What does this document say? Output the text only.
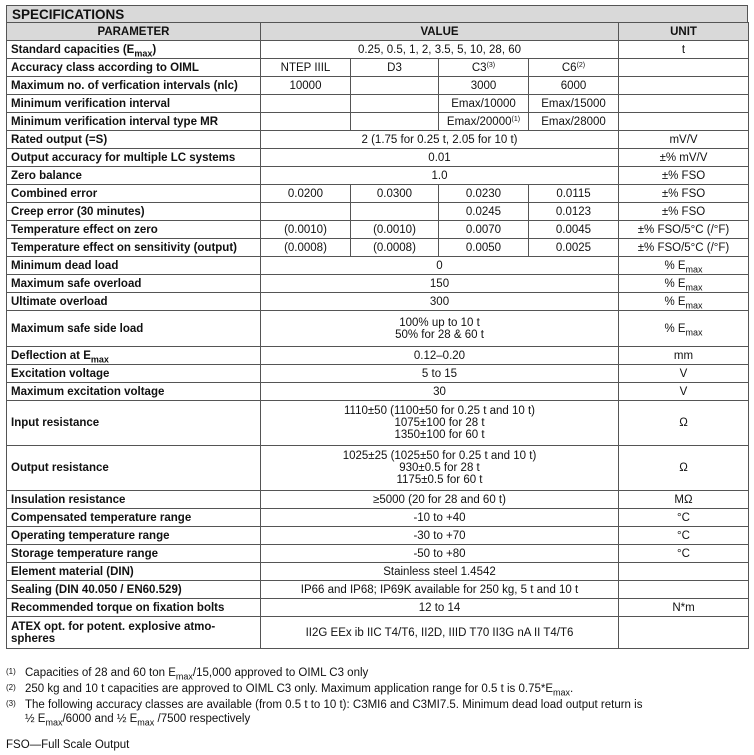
SPECIFICATIONS
PARAMETER	VALUE				UNIT
Standard capacities $(E_{max})$	0.25, 0.5, 1, 2, 3.5, 5, 10, 28, 60				t
Accuracy class according to OIML	NTEP IIIL	D3	C3$^{(3)}$	C6$^{(2)}$	
Maximum no. of verfication intervals (nlc)	10000		3000	6000	
Minimum verification interval			Emax/10000	Emax/15000	
Minimum verification interval type MR			Emax/20000$^{(1)}$	Emax/28000	
Rated output (=S)	2 (1.75 for 0.25 t, 2.05 for 10 t)				mV/V
Output accuracy for multiple LC systems	0.01				±% mV/V
Zero balance	1.0				±% FSO
Combined error	0.0200	0.0300	0.0230	0.0115	±% FSO
Creep error (30 minutes)			0.0245	0.0123	±% FSO
Temperature effect on zero	(0.0010)	(0.0010)	0.0070	0.0045	±% FSO/5°C (/°F)
Temperature effect on sensitivity (output)	(0.0008)	(0.0008)	0.0050	0.0025	±% FSO/5°C (/°F)
Minimum dead load	0				% $E_{max}$
Maximum safe overload	150				% $E_{max}$
Ultimate overload	300				% $E_{max}$
Maximum safe side load	100% up to 10 t
50% for 28 & 60 t				% $E_{max}$
Deflection at $E_{max}$	0.12–0.20				mm
Excitation voltage	5 to 15				V
Maximum excitation voltage	30				V
Input resistance	1110±50 (1100±50 for 0.25 t and 10 t)
1075±100 for 28 t
1350±100 for 60 t				Ω
Output resistance	1025±25 (1025±50 for 0.25 t and 10 t)
930±0.5 for 28 t
1175±0.5 for 60 t				Ω
Insulation resistance	≥5000 (20 for 28 and 60 t)				MΩ
Compensated temperature range	-10 to +40				°C
Operating temperature range	-30 to +70				°C
Storage temperature range	-50 to +80				°C
Element material (DIN)	Stainless steel 1.4542				
Sealing (DIN 40.050 / EN60.529)	IP66 and IP68; IP69K available for 250 kg, 5 t and 10 t				
Recommended torque on fixation bolts	12 to 14				N*m

ATEX opt. for potent. explosive atmo-
spheres	II2G EEx ib IIC T4/T6, II2D, IIID T70 II3G nA II T4/T6				
(1) Capacities of 28 and 60 ton $E_{max}/15,000$ approved to OIML C3 only
(2) 250 kg and 10 t capacities are approved to OIML C3 only. Maximum application range for 0.5 t is $0.75*E_{max}$.
(3) The following accuracy classes are available (from 0.5 t to 10 t): C3MI6 and C3MI7.5. Minimum dead load output return is
½ $E_{max}/6000$ and ½ $E_{max}$ /7500 respectively
FSO—Full Scale Output
